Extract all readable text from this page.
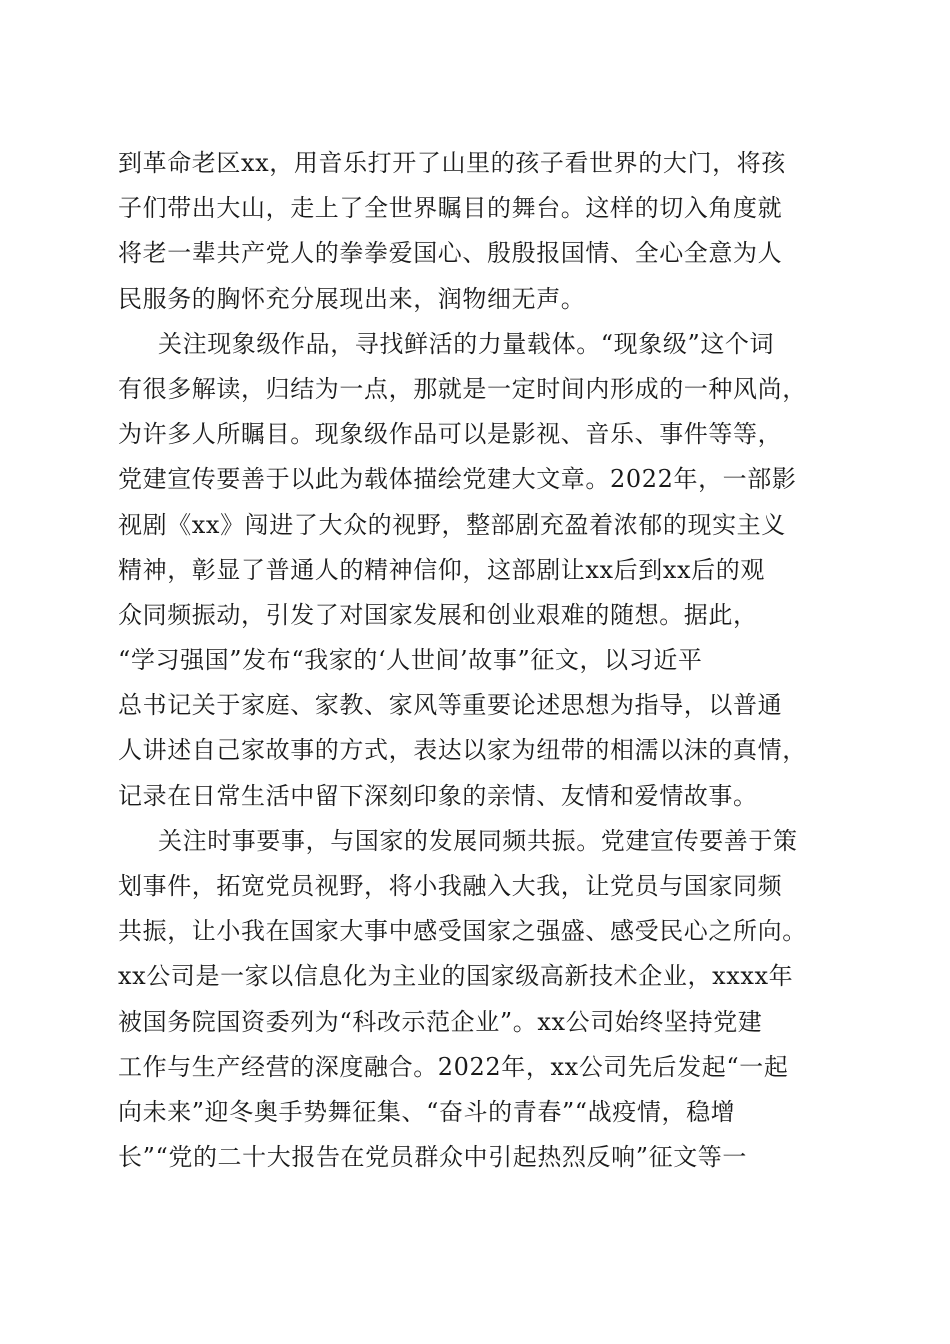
到革命老区xx，用音乐打开了山里的孩子看世界的大门，将孩
子们带出大山，走上了全世界瞩目的舞台。这样的切入角度就
将老一辈共产党人的拳拳爱国心、殷殷报国情、全心全意为人
民服务的胸怀充分展现出来，润物细无声。
关注现象级作品，寻找鲜活的力量载体。“现象级”这个词
有很多解读，归结为一点，那就是一定时间内形成的一种风尚，
为许多人所瞩目。现象级作品可以是影视、音乐、事件等等，
党建宣传要善于以此为载体描绘党建大文章。2022年，一部影
视剧《xx》闯进了大众的视野，整部剧充盈着浓郁的现实主义
精神，彰显了普通人的精神信仰，这部剧让xx后到xx后的观
众同频振动，引发了对国家发展和创业艰难的随想。据此，
“学习强国”发布“我家的‘人世间’故事”征文，以习近平
总书记关于家庭、家教、家风等重要论述思想为指导，以普通
人讲述自己家故事的方式，表达以家为纽带的相濡以沫的真情，
记录在日常生活中留下深刻印象的亲情、友情和爱情故事。
关注时事要事，与国家的发展同频共振。党建宣传要善于策
划事件，拓宽党员视野，将小我融入大我，让党员与国家同频
共振，让小我在国家大事中感受国家之强盛、感受民心之所向。
xx公司是一家以信息化为主业的国家级高新技术企业，xxxx年
被国务院国资委列为“科改示范企业”。xx公司始终坚持党建
工作与生产经营的深度融合。2022年，xx公司先后发起“一起
向未来”迎冬奥手势舞征集、“奋斗的青春”“战疫情，稳增
长”“党的二十大报告在党员群众中引起热烈反响”征文等一
